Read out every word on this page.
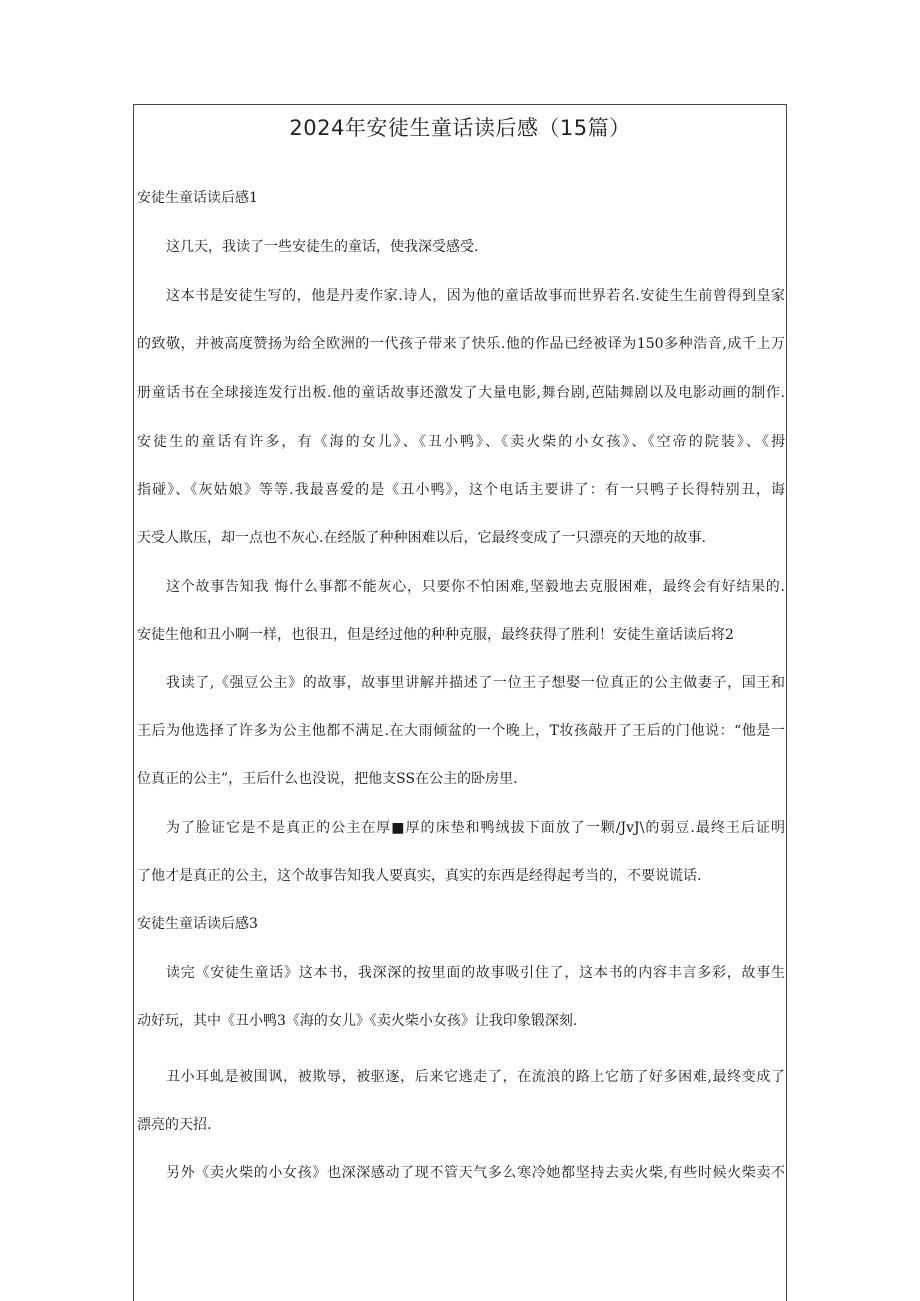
2024年安徒生童话读后感（15篇）
安徒生童话读后感1
这几天，我读了一些安徒生的童话，使我深受感受.
这本书是安徒生写的，他是丹麦作家.诗人，因为他的童话故事而世界若名.安徒生生前曾得到皇家
的致敬，并被高度赞扬为给全欧洲的一代孩子带来了快乐.他的作品已经被译为150多种浩音,成千上万
册童话书在全球接连发行出板.他的童话故事还激发了大量电影,舞台剧,芭陆舞剧以及电影动画的制作.
安徒生的童话有许多，有《海的女儿》、《丑小鸭》、《卖火柴的小女孩》、《空帝的院装》、《拇
指碰》、《灰姑娘》等等.我最喜爱的是《丑小鸭》，这个电话主要讲了：有一只鸭子长得特别丑，诲
天受人欺压，却一点也不灰心.在经版了种种困难以后，它最终变成了一只漂亮的天地的故事.
这个故事告知我 悔什么事都不能灰心，只要你不怕困难,坚毅地去克服困难，最终会有好结果的.
安徒生他和丑小啊一样，也很丑，但是经过他的种种克服，最终获得了胜利！安徒生童话读后将2
我读了,《强豆公主》的故事，故事里讲解并描述了一位王子想娶一位真正的公主做妻子，国王和
王后为他选择了许多为公主他都不满足.在大雨倾盆的一个晚上，T妆孩敲开了王后的门他说：“他是一
位真正的公主”，王后什么也没说，把他支SS在公主的卧房里.
为了脸证它是不是真正的公主在厚■厚的床垫和鸭绒拔下面放了一颗/JvJ\的弱豆.最终王后证明
了他才是真正的公主，这个故事告知我人要真实，真实的东西是经得起考当的，不要说谎话.
安徒生童话读后感3
读完《安徒生童话》这本书，我深深的按里面的故事吸引住了，这本书的内容丰言多彩，故事生
动好玩，其中《丑小鸭3《海的女儿》《卖火柴小女孩》让我印象锻深刻.
丑小耳虬是被围讽，被欺辱，被驱逐，后来它逃走了，在流浪的路上它筋了好多困难,最终变成了
漂亮的天招.
另外《卖火柴的小女孩》也深深感动了现不管天气多么寒冷她都坚持去卖火柴,有些时候火柴卖不
